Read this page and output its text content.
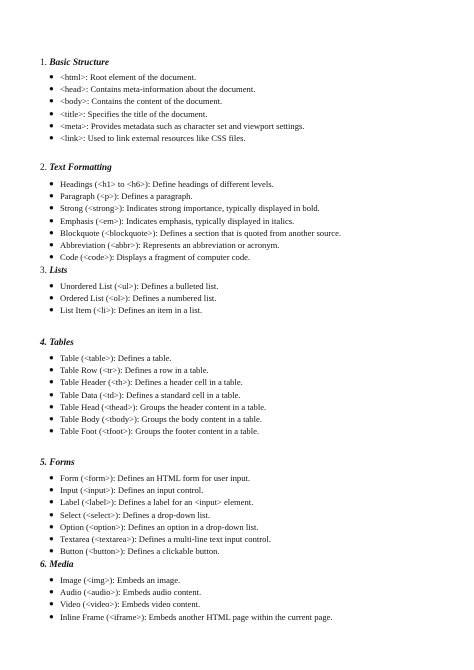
1. Basic Structure
● <html>: Root element of the document.
● <head>: Contains meta-information about the document.
● <body>: Contains the content of the document.
● <title>: Specifies the title of the document.
● <meta>: Provides metadata such as character set and viewport settings.
● <link>: Used to link external resources like CSS files.
2. Text Formatting
● Headings (<h1> to <h6>): Define headings of different levels.
● Paragraph (<p>): Defines a paragraph.
● Strong (<strong>): Indicates strong importance, typically displayed in bold.
● Emphasis (<em>): Indicates emphasis, typically displayed in italics.
● Blockquote (<blockquote>): Defines a section that is quoted from another source.
● Abbreviation (<abbr>): Represents an abbreviation or acronym.
● Code (<code>): Displays a fragment of computer code.
3. Lists
● Unordered List (<ul>): Defines a bulleted list.
● Ordered List (<ol>): Defines a numbered list.
● List Item (<li>): Defines an item in a list.
4. Tables
● Table (<table>): Defines a table.
● Table Row (<tr>): Defines a row in a table.
● Table Header (<th>): Defines a header cell in a table.
● Table Data (<td>): Defines a standard cell in a table.
● Table Head (<thead>): Groups the header content in a table.
● Table Body (<tbody>): Groups the body content in a table.
● Table Foot (<tfoot>): Groups the footer content in a table.
5. Forms
● Form (<form>): Defines an HTML form for user input.
● Input (<input>): Defines an input control.
● Label (<label>): Defines a label for an <input> element.
● Select (<select>): Defines a drop-down list.
● Option (<option>): Defines an option in a drop-down list.
● Textarea (<textarea>): Defines a multi-line text input control.
● Button (<button>): Defines a clickable button.
6. Media
● Image (<img>): Embeds an image.
● Audio (<audio>): Embeds audio content.
● Video (<video>): Embeds video content.
● Inline Frame (<iframe>): Embeds another HTML page within the current page.
